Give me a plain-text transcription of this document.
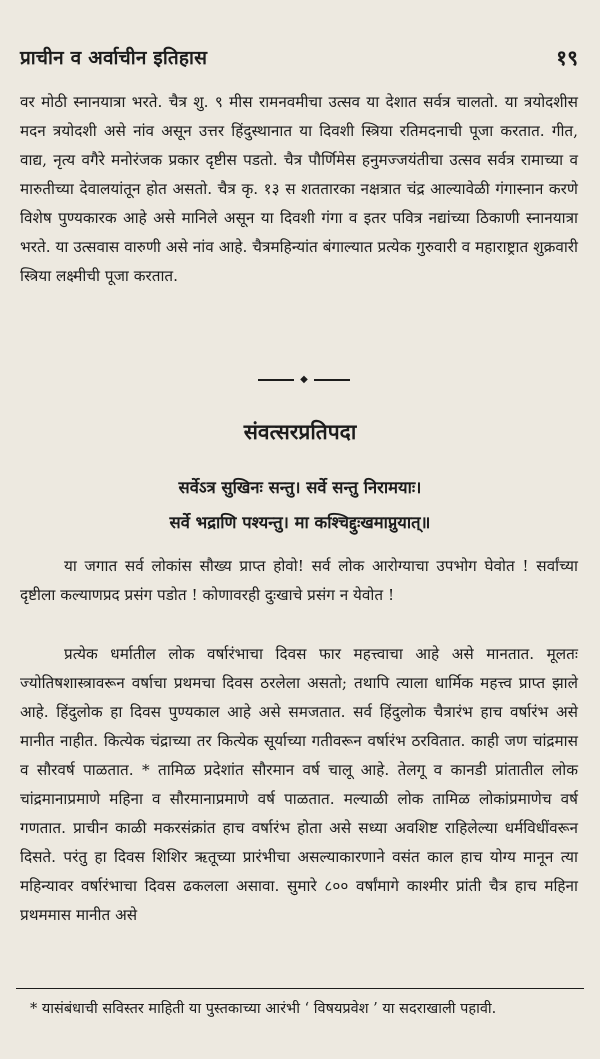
प्राचीन व अर्वाचीन इतिहास	१९

वर मोठी स्नानयात्रा भरते. चैत्र शु. ९ मीस रामनवमीचा उत्सव या देशात सर्वत्र चालतो. या त्रयोदशीस मदन त्रयोदशी असे नांव असून उत्तर हिंदुस्थानात या दिवशी स्त्रिया रतिमदनाची पूजा करतात. गीत, वाद्य, नृत्य वगैरे मनोरंजक प्रकार दृष्टीस पडतो. चैत्र पौर्णिमेस हनुमज्जयंतीचा उत्सव सर्वत्र रामाच्या व मारुतीच्या देवालयांतून होत असतो. चैत्र कृ. १३ स शततारका नक्षत्रात चंद्र आल्यावेळी गंगास्नान करणे विशेष पुण्यकारक आहे असे मानिले असून या दिवशी गंगा व इतर पवित्र नद्यांच्या ठिकाणी स्नानयात्रा भरते. या उत्सवास वारुणी असे नांव आहे. चैत्रमहिन्यांत बंगाल्यात प्रत्येक गुरुवारी व महाराष्ट्रात शुक्रवारी स्त्रिया लक्ष्मीची पूजा करतात.

◆
संवत्सरप्रतिपदा
सर्वेऽत्र सुखिनः सन्तु। सर्वे सन्तु निरामयाः।
सर्वे भद्राणि पश्यन्तु। मा कश्चिद्दुःखमाप्नुयात्॥

या जगात सर्व लोकांस सौख्य प्राप्त होवो! सर्व लोक आरोग्याचा उपभोग घेवोत ! सर्वांच्या दृष्टीला कल्याणप्रद प्रसंग पडोत ! कोणावरही दुःखाचे प्रसंग न येवोत !

प्रत्येक धर्मातील लोक वर्षारंभाचा दिवस फार महत्त्वाचा आहे असे मानतात. मूलतः ज्योतिषशास्त्रावरून वर्षाचा प्रथमचा दिवस ठरलेला असतो; तथापि त्याला धार्मिक महत्त्व प्राप्त झाले आहे. हिंदुलोक हा दिवस पुण्यकाल आहे असे समजतात. सर्व हिंदुलोक चैत्रारंभ हाच वर्षारंभ असे मानीत नाहीत. कित्येक चंद्राच्या तर कित्येक सूर्याच्या गतीवरून वर्षारंभ ठरवितात. काही जण चांद्रमास व सौरवर्ष पाळतात. * तामिळ प्रदेशांत सौरमान वर्ष चालू आहे. तेलगू व कानडी प्रांतातील लोक चांद्रमानाप्रमाणे महिना व सौरमानाप्रमाणे वर्ष पाळतात. मल्याळी लोक तामिळ लोकांप्रमाणेच वर्ष गणतात. प्राचीन काळी मकरसंक्रांत हाच वर्षारंभ होता असे सध्या अवशिष्ट राहिलेल्या धर्मविधींवरून दिसते. परंतु हा दिवस शिशिर ऋतूच्या प्रारंभीचा असल्याकारणाने वसंत काल हाच योग्य मानून त्या महिन्यावर वर्षारंभाचा दिवस ढकलला असावा. सुमारे ८०० वर्षांमागे काश्मीर प्रांती चैत्र हाच महिना प्रथममास मानीत असे

* यासंबंधाची सविस्तर माहिती या पुस्तकाच्या आरंभी ‘ विषयप्रवेश ’ या सदराखाली पहावी.
